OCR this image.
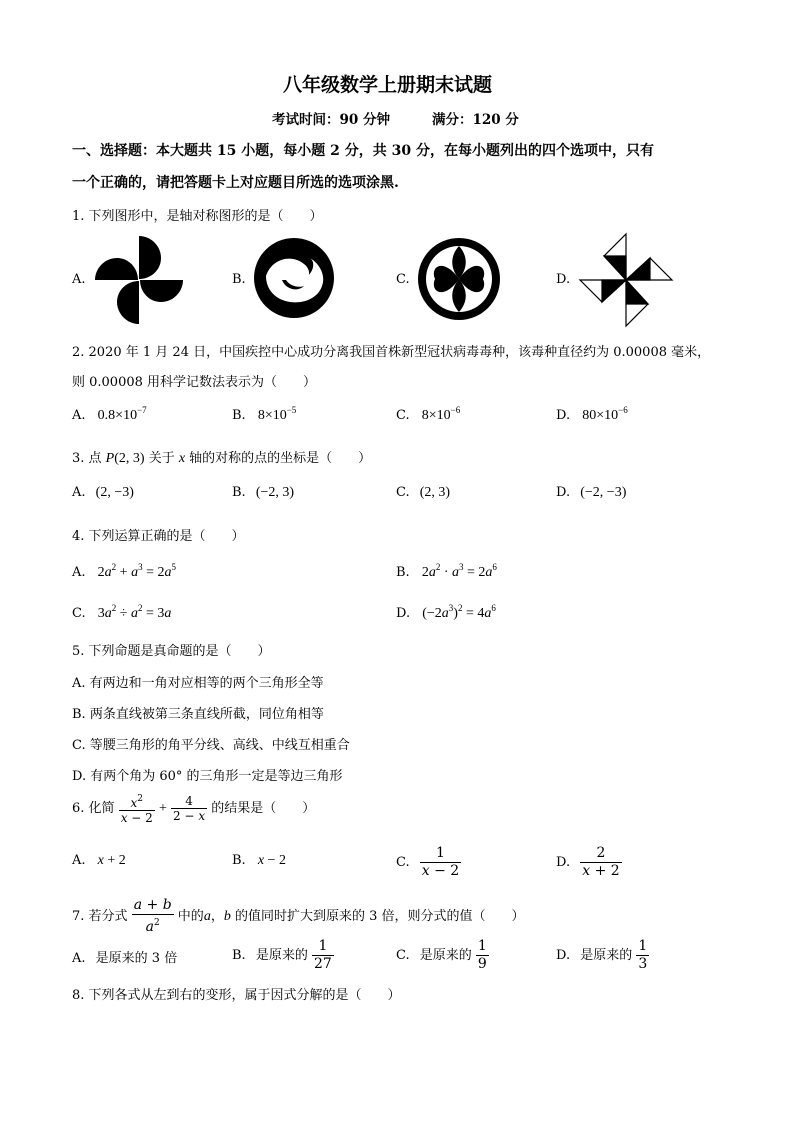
八年级数学上册期末试题
考试时间：90 分钟	满分：120 分
一、选择题：本大题共 15 小题，每小题 2 分，共 30 分，在每小题列出的四个选项中，只有
一个正确的，请把答题卡上对应题目所选的选项涂黑.
1. 下列图形中，是轴对称图形的是（　　）
A.	B.	C.	D.
2. 2020 年 1 月 24 日，中国疾控中心成功分离我国首株新型冠状病毒毒种，该毒种直径约为 0.00008 毫米，
则 0.00008 用科学记数法表示为（　　）
A. $0.8\times 10^{-7}$	B. $8\times 10^{-5}$	C. $8\times 10^{-6}$	D. $80\times 10^{-6}$
3. 点 P(2, 3) 关于 x 轴的对称的点的坐标是（　　）
A. (2, −3)	B. (−2, 3)	C. (2, 3)	D. (−2, −3)
4. 下列运算正确的是（　　）
A. $2a^2 + a^3 = 2a^5$	B. $2a^2 \cdot a^3 = 2a^6$
C. $3a^2 \div a^2 = 3a$	D. $(-2a^3)^2 = 4a^6$
5. 下列命题是真命题的是（　　）
A. 有两边和一角对应相等的两个三角形全等
B. 两条直线被第三条直线所截，同位角相等
C. 等腰三角形的角平分线、高线、中线互相重合
D. 有两个角为 60° 的三角形一定是等边三角形
6. 化简 $\frac{x^2}{x - 2} + \frac{4}{2 - x}$ 的结果是（　　）
A. x + 2	B. x − 2	C. $\frac{1}{x - 2}$	D. $\frac{2}{x + 2}$
7. 若分式 $\frac{a + b}{a^2}$ 中的a，b 的值同时扩大到原来的 3 倍，则分式的值（　　）
A. 是原来的 3 倍	B. 是原来的 $\frac{1}{27}$	C. 是原来的 $\frac{1}{9}$	D. 是原来的 $\frac{1}{3}$
8. 下列各式从左到右的变形，属于因式分解的是（　　）
